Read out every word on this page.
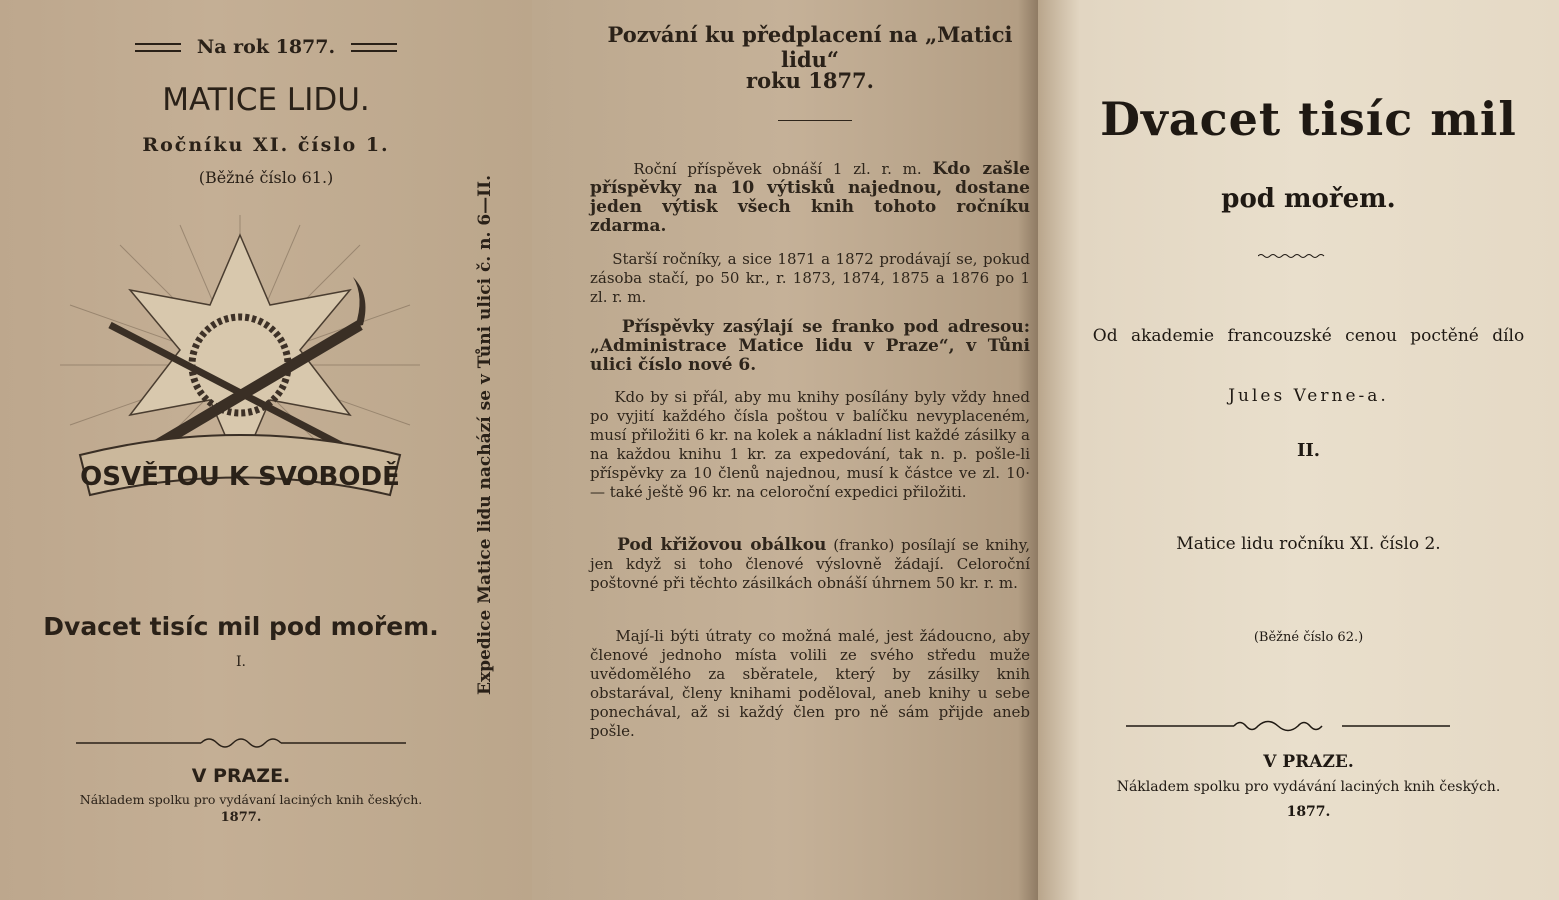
Na rok 1877.
MATICE LIDU.
Ročníku XI. číslo 1.
(Běžné číslo 61.)
OSVĚTOU K SVOBODĚ
Dvacet tisíc mil pod mořem.
I.
V PRAZE.
Nákladem spolku pro vydávaní laciných knih českých.
1877.
Expedice Matice lidu nachází se v Tůni ulici č. n. 6—II.
Pozvání ku předplacení na „Matici lidu“
roku 1877.
Roční příspěvek obnáší 1 zl. r. m. Kdo zašle příspěvky na 10 výtisků najednou, dostane jeden výtisk všech knih tohoto ročníku zdarma.
Starší ročníky, a sice 1871 a 1872 prodávají se, pokud zásoba stačí, po 50 kr., r. 1873, 1874, 1875 a 1876 po 1 zl. r. m.
Příspěvky zasýlají se franko pod adresou: „Administrace Matice lidu v Praze“, v Tůni ulici číslo nové 6.
Kdo by si přál, aby mu knihy posílány byly vždy hned po vyjití každého čísla poštou v balíčku nevyplaceném, musí přiložiti 6 kr. na kolek a nákladní list každé zásilky a na každou knihu 1 kr. za expedování, tak n. p. pošle-li příspěvky za 10 členů najednou, musí k částce ve zl. 10·— také ještě 96 kr. na celoroční expedici přiložiti.
Pod křižovou obálkou (franko) posílají se knihy, jen když si toho členové výslovně žádají. Celoroční poštovné při těchto zásilkách obnáší úhrnem 50 kr. r. m.
Mají-li býti útraty co možná malé, jest žádoucno, aby členové jednoho místa volili ze svého středu muže uvědomělého za sběratele, který by zásilky knih obstarával, členy knihami poděloval, aneb knihy u sebe ponechával, až si každý člen pro ně sám přijde aneb pošle.
Dvacet tisíc mil
pod mořem.
Od akademie francouzské cenou poctěné dílo
Jules Verne-a.
II.
Matice lidu ročníku XI. číslo 2.
(Běžné číslo 62.)
V PRAZE.
Nákladem spolku pro vydávání laciných knih českých.
1877.
